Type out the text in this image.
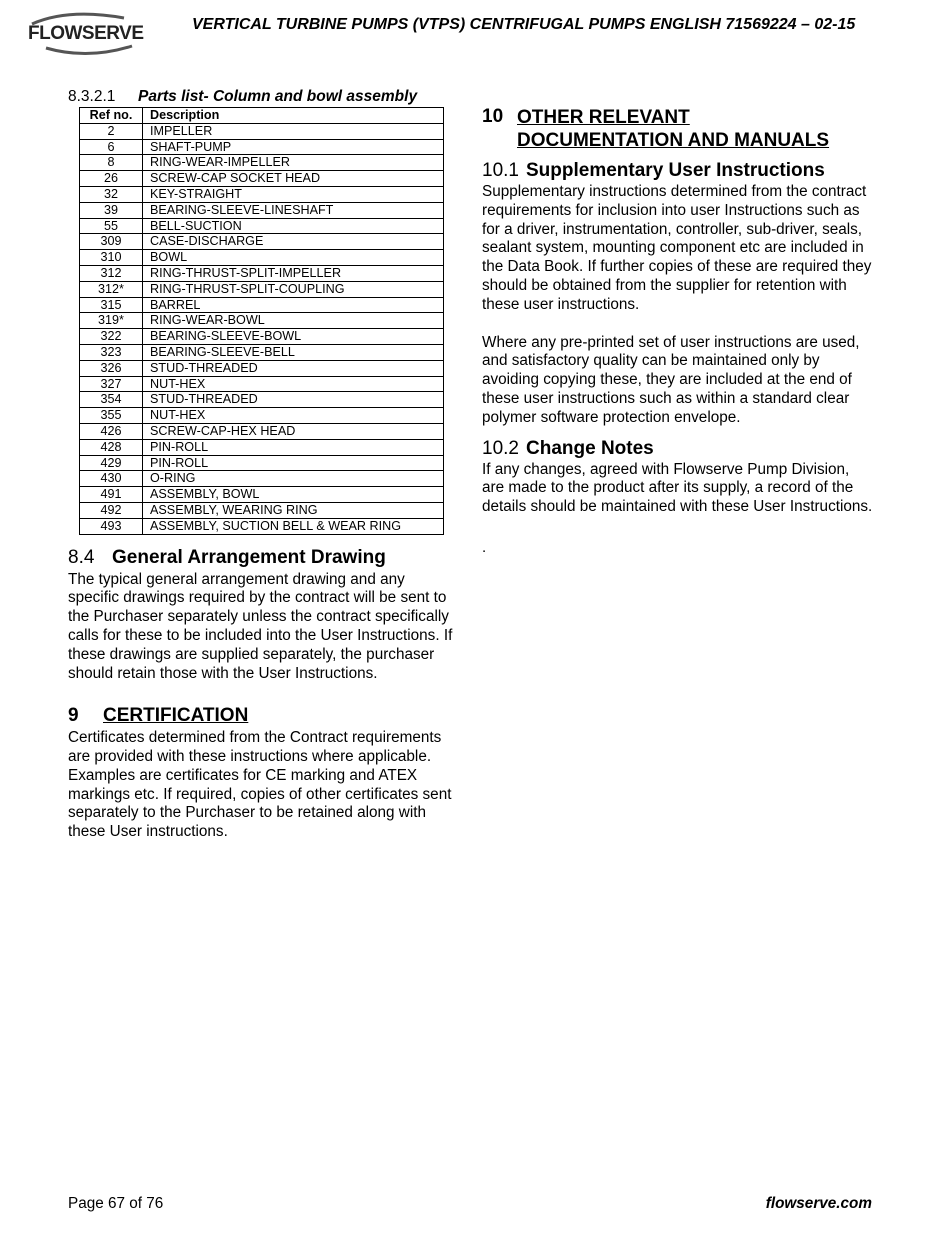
FLOWSERVE	VERTICAL TURBINE PUMPS (VTPS) CENTRIFUGAL PUMPS ENGLISH 71569224 – 02-15
8.3.2.1 Parts list- Column and bowl assembly
Ref no.	Description
2	IMPELLER
6	SHAFT-PUMP
8	RING-WEAR-IMPELLER
26	SCREW-CAP SOCKET HEAD
32	KEY-STRAIGHT
39	BEARING-SLEEVE-LINESHAFT
55	BELL-SUCTION
309	CASE-DISCHARGE
310	BOWL
312	RING-THRUST-SPLIT-IMPELLER
312*	RING-THRUST-SPLIT-COUPLING
315	BARREL
319*	RING-WEAR-BOWL
322	BEARING-SLEEVE-BOWL
323	BEARING-SLEEVE-BELL
326	STUD-THREADED
327	NUT-HEX
354	STUD-THREADED
355	NUT-HEX
426	SCREW-CAP-HEX HEAD
428	PIN-ROLL
429	PIN-ROLL
430	O-RING
491	ASSEMBLY, BOWL
492	ASSEMBLY, WEARING RING
493	ASSEMBLY, SUCTION BELL & WEAR RING
8.4 General Arrangement Drawing

The typical general arrangement drawing and any specific drawings required by the contract will be sent to the Purchaser separately unless the contract specifically calls for these to be included into the User Instructions. If these drawings are supplied separately, the purchaser should retain those with the User Instructions.

9 CERTIFICATION

Certificates determined from the Contract requirements are provided with these instructions where applicable. Examples are certificates for CE marking and ATEX markings etc. If required, copies of other certificates sent separately to the Purchaser to be retained along with these User instructions.

10 OTHER RELEVANT
DOCUMENTATION AND MANUALS
10.1 Supplementary User Instructions

Supplementary instructions determined from the contract requirements for inclusion into user Instructions such as for a driver, instrumentation, controller, sub-driver, seals, sealant system, mounting component etc are included in the Data Book. If further copies of these are required they should be obtained from the supplier for retention with these user instructions.

Where any pre-printed set of user instructions are used, and satisfactory quality can be maintained only by avoiding copying these, they are included at the end of these user instructions such as within a standard clear polymer software protection envelope.

10.2 Change Notes

If any changes, agreed with Flowserve Pump Division, are made to the product after its supply, a record of the details should be maintained with these User Instructions.

.
Page 67 of 76	flowserve.com
